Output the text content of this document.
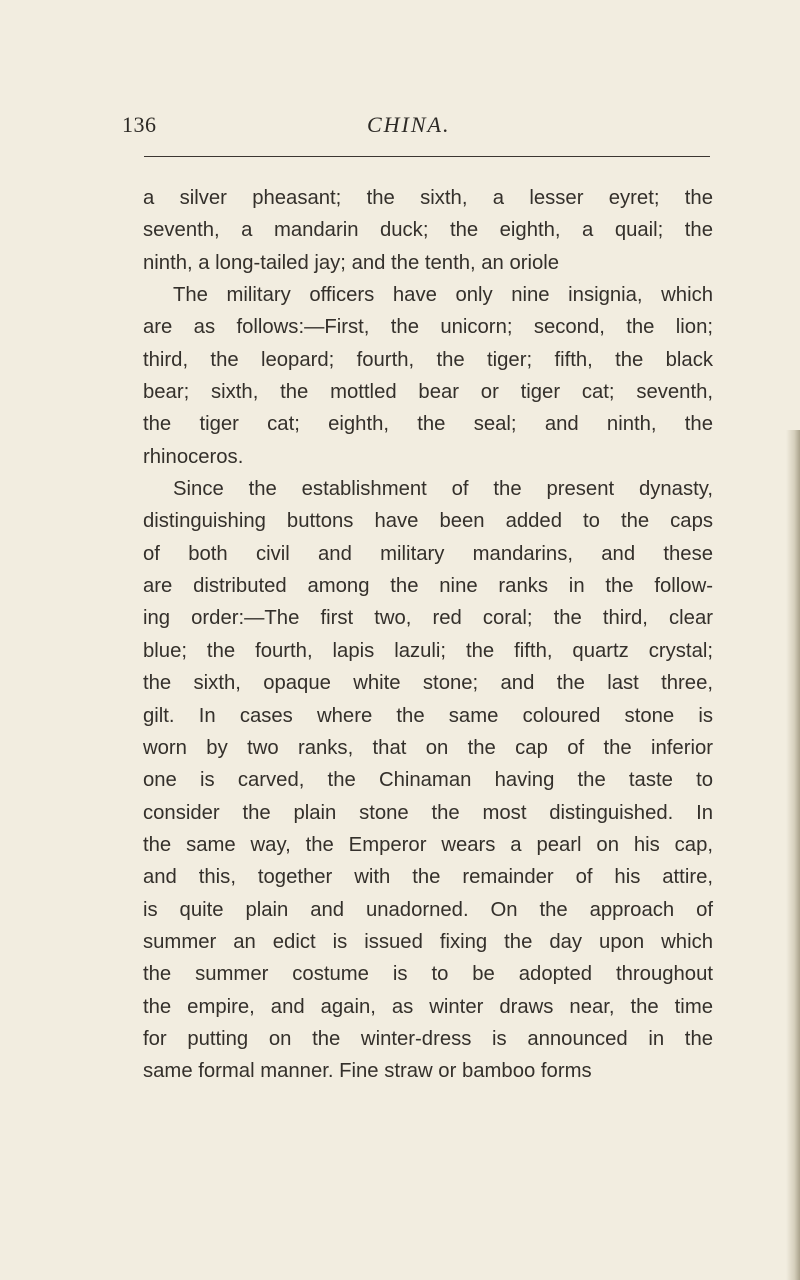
136	CHINA.
a silver pheasant; the sixth, a lesser eyret; the
seventh, a mandarin duck; the eighth, a quail; the
ninth, a long-tailed jay; and the tenth, an oriole
The military officers have only nine insignia, which
are as follows:—First, the unicorn; second, the lion;
third, the leopard; fourth, the tiger; fifth, the black
bear; sixth, the mottled bear or tiger cat; seventh,
the tiger cat; eighth, the seal; and ninth, the
rhinoceros.
Since the establishment of the present dynasty,
distinguishing buttons have been added to the caps
of both civil and military mandarins, and these
are distributed among the nine ranks in the follow-
ing order:—The first two, red coral; the third, clear
blue; the fourth, lapis lazuli; the fifth, quartz crystal;
the sixth, opaque white stone; and the last three,
gilt. In cases where the same coloured stone is
worn by two ranks, that on the cap of the inferior
one is carved, the Chinaman having the taste to
consider the plain stone the most distinguished. In
the same way, the Emperor wears a pearl on his cap,
and this, together with the remainder of his attire,
is quite plain and unadorned. On the approach of
summer an edict is issued fixing the day upon which
the summer costume is to be adopted throughout
the empire, and again, as winter draws near, the time
for putting on the winter-dress is announced in the
same formal manner. Fine straw or bamboo forms
